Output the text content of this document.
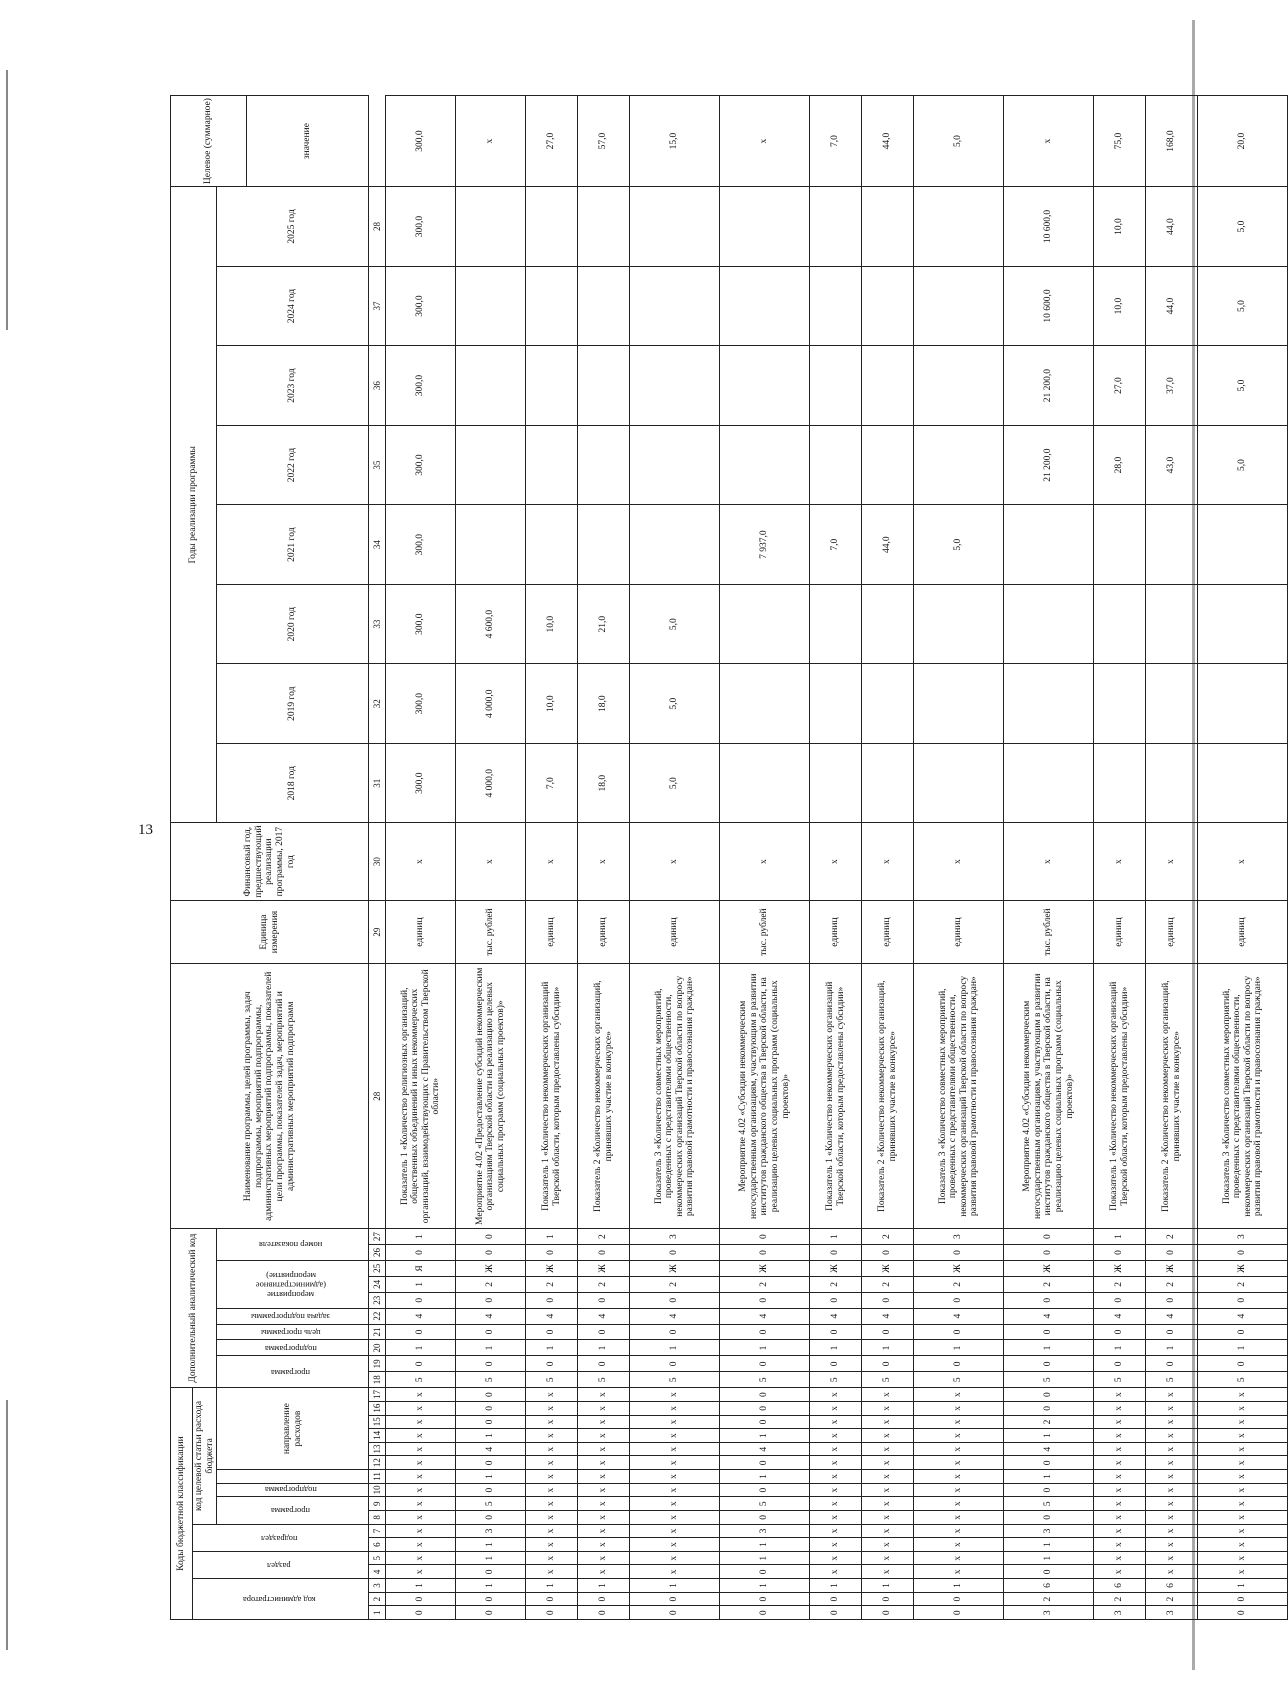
13
Коды бюджетной классификации																	Дополнительный аналитический код										Наименование программы, целей программы, задач подпрограммы, мероприятий подпрограммы, административных мероприятий подпрограммы, показателей цели программы, показателей задач, мероприятий и административных мероприятий подпрограмм	Единица измерения	Финансовый год, предшествующий реализации программы, 2017 год	Годы реализации программы								Целевое (суммарное)
код администратора			раздел		подраздел		код целевой статьи расхода бюджета																															
							программа		подпрограмма		направление расходов						программа		подпрограмма	цель программы	задача подпрограммы	мероприятие (административное мероприятие)			номер показателя					2018 год	2019 год	2020 год	2021 год	2022 год	2023 год	2024 год	2025 год	
																																						значение
1	2	3	4	5	6	7	8	9	10	11	12	13	14	15	16	17	18	19	20	21	22	23	24	25	26	27	28	29	30	31	32	33	34	35	36	37	28	
0	0	1	х	х	х	х	х	х	х	х	х	х	х	х	х	х	5	0	1	0	4	0	1	Я	0	1	Показатель 1 «Количество религиозных организаций, общественных объединений и иных некоммерческих организаций, взаимодействующих с Правительством Тверской области»	единиц	х	300,0	300,0	300,0	300,0	300,0	300,0	300,0	300,0	300,0
0	0	1	0	1	1	3	0	5	0	1	0	4	1	0	0	0	5	0	1	0	4	0	2	Ж	0	0	Мероприятие 4.02 «Предоставление субсидий некоммерческим организациям Тверской области на реализацию целевых социальных программ (социальных проектов)»	тыс. рублей	х	4 000,0	4 000,0	4 600,0						х
0	0	1	х	х	х	х	х	х	х	х	х	х	х	х	х	х	5	0	1	0	4	0	2	Ж	0	1	Показатель 1 «Количество некоммерческих организаций Тверской области, которым предоставлены субсидии»	единиц	х	7,0	10,0	10,0						27,0
0	0	1	х	х	х	х	х	х	х	х	х	х	х	х	х	х	5	0	1	0	4	0	2	Ж	0	2	Показатель 2 «Количество некоммерческих организаций, принявших участие в конкурсе»	единиц	х	18,0	18,0	21,0						57,0
0	0	1	х	х	х	х	х	х	х	х	х	х	х	х	х	х	5	0	1	0	4	0	2	Ж	0	3	Показатель 3 «Количество совместных мероприятий, проведенных с представителями общественности, некоммерческих организаций Тверской области по вопросу развития правовой грамотности и правосознания граждан»	единиц	х	5,0	5,0	5,0						15,0
0	0	1	0	1	1	3	0	5	0	1	0	4	1	0	0	0	5	0	1	0	4	0	2	Ж	0	0	Мероприятие 4.02 «Субсидии некоммерческим негосударственным организациям, участвующим в развитии институтов гражданского общества в Тверской области, на реализацию целевых социальных программ (социальных проектов)»	тыс. рублей	х				7 937,0					х
0	0	1	х	х	х	х	х	х	х	х	х	х	х	х	х	х	5	0	1	0	4	0	2	Ж	0	1	Показатель 1 «Количество некоммерческих организаций Тверской области, которым предоставлены субсидии»	единиц	х				7,0					7,0
0	0	1	х	х	х	х	х	х	х	х	х	х	х	х	х	х	5	0	1	0	4	0	2	Ж	0	2	Показатель 2 «Количество некоммерческих организаций, принявших участие в конкурсе»	единиц	х				44,0					44,0
0	0	1	х	х	х	х	х	х	х	х	х	х	х	х	х	х	5	0	1	0	4	0	2	Ж	0	3	Показатель 3 «Количество совместных мероприятий, проведенных с представителями общественности, некоммерческих организаций Тверской области по вопросу развития правовой грамотности и правосознания граждан»	единиц	х				5,0					5,0
3	2	6	0	1	1	3	0	5	0	1	0	4	1	2	0	0	5	0	1	0	4	0	2	Ж	0	0	Мероприятие 4.02 «Субсидии некоммерческим негосударственным организациям, участвующим в развитии институтов гражданского общества в Тверской области, на реализацию целевых социальных программ (социальных проектов)»	тыс. рублей	х					21 200,0	21 200,0	10 600,0	10 600,0	х
3	2	6	х	х	х	х	х	х	х	х	х	х	х	х	х	х	5	0	1	0	4	0	2	Ж	0	1	Показатель 1 «Количество некоммерческих организаций Тверской области, которым предоставлены субсидии»	единиц	х					28,0	27,0	10,0	10,0	75,0
3	2	6	х	х	х	х	х	х	х	х	х	х	х	х	х	х	5	0	1	0	4	0	2	Ж	0	2	Показатель 2 «Количество некоммерческих организаций, принявших участие в конкурсе»	единиц	х					43,0	37,0	44,0	44,0	168,0
0	0	1	х	х	х	х	х	х	х	х	х	х	х	х	х	х	5	0	1	0	4	0	2	Ж	0	3	Показатель 3 «Количество совместных мероприятий, проведенных с представителями общественности, некоммерческих организаций Тверской области по вопросу развития правовой грамотности и правосознания граждан»	единиц	х					5,0	5,0	5,0	5,0	20,0
